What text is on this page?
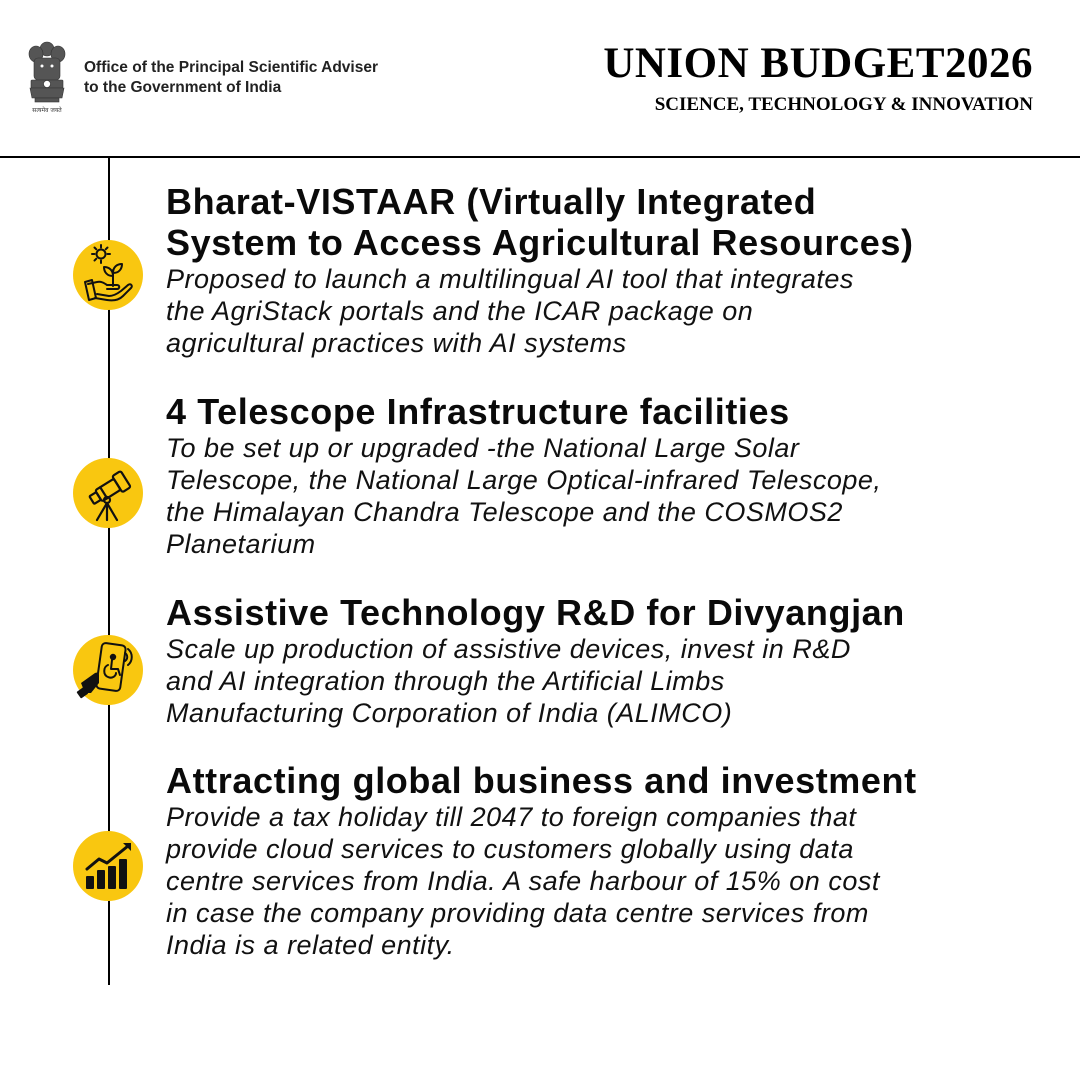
सत्यमेव जयते
Office of the Principal Scientific Adviser
to the Government of India
UNION BUDGET2026
SCIENCE, TECHNOLOGY & INNOVATION
Bharat-VISTAAR (Virtually Integrated
System to Access Agricultural Resources)
Proposed to launch a multilingual AI tool that integrates
the AgriStack portals and the ICAR package on
agricultural practices with AI systems
4 Telescope Infrastructure facilities
To be set up or upgraded -the National Large Solar
Telescope, the National Large Optical-infrared Telescope,
the Himalayan Chandra Telescope and the COSMOS2
Planetarium
Assistive Technology R&D for Divyangjan
Scale up production of assistive devices, invest in R&D
and AI integration through the Artificial Limbs
Manufacturing Corporation of India (ALIMCO)
Attracting global business and investment
Provide a tax holiday till 2047 to foreign companies that
provide cloud services to customers globally using data
centre services from India. A safe harbour of 15% on cost
in case the company providing data centre services from
India is a related entity.
